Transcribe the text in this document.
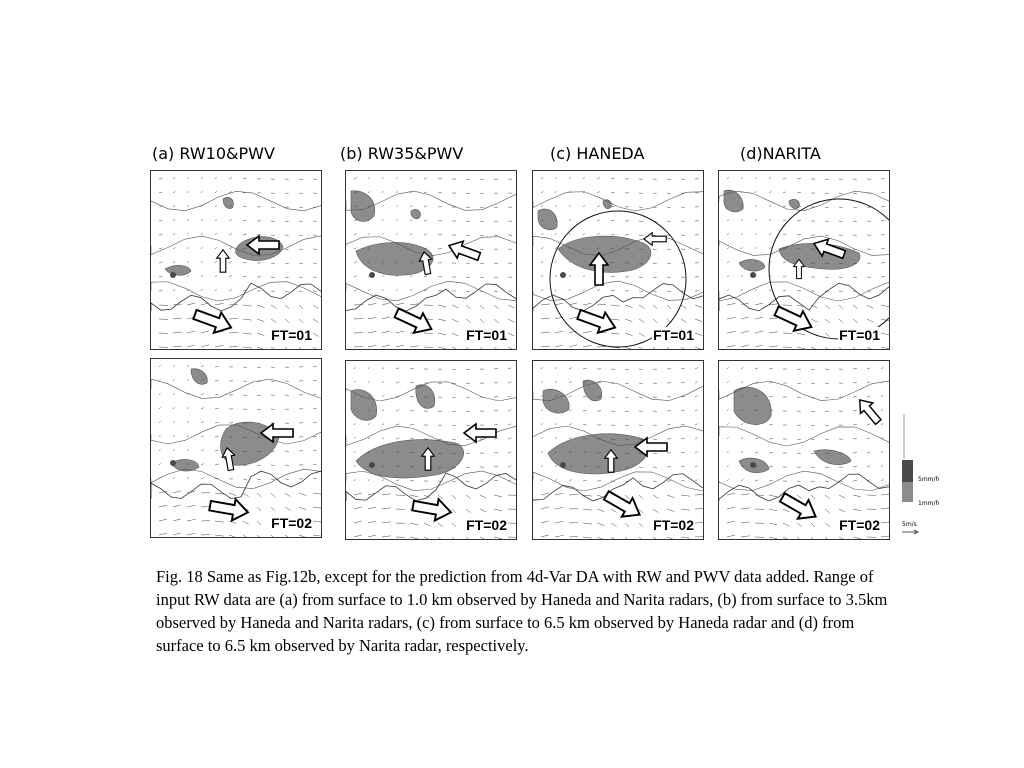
(a) RW10&PWV	(b) RW35&PWV	(c) HANEDA	(d)NARITA
FT=01	FT=01	FT=01	FT=01
FT=02	FT=02	FT=02	FT=02
5mm/h
1mm/h
5m/s
Fig. 18 Same as Fig.12b, except for the prediction from 4d-Var DA with RW and PWV data added. Range of input RW data are (a) from surface to 1.0 km observed by Haneda and Narita radars, (b) from surface to 3.5km observed by Haneda and Narita radars, (c) from surface to 6.5 km observed by Haneda radar and (d) from surface to 6.5 km observed by Narita radar, respectively.
